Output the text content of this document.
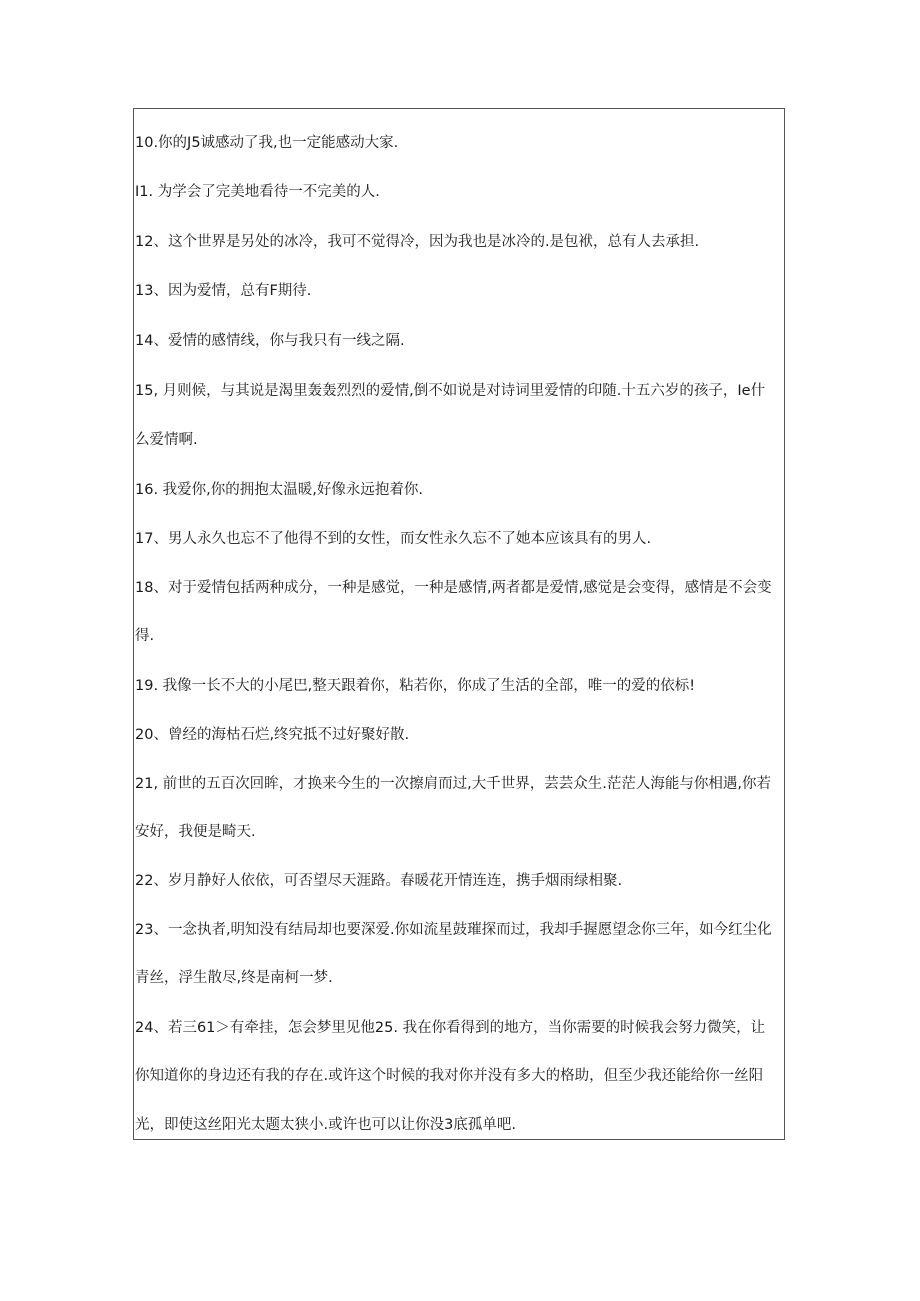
10.你的J5诚感动了我,也一定能感动大家.
I1. 为学会了完美地看待一不完美的人.
12、这个世界是另处的冰冷，我可不觉得冷，因为我也是冰冷的.是包袱，总有人去承担.
13、因为爱情，总有F期待.
14、爱情的感情线，你与我只有一线之隔.
15, 月则候，与其说是渴里轰轰烈烈的爱情,倒不如说是对诗词里爱情的印随.十五六岁的孩子，Ie什
么爱情啊.
16. 我爱你,你的拥抱太温暖,好像永远抱着你.
17、男人永久也忘不了他得不到的女性，而女性永久忘不了她本应该具有的男人.
18、对于爱情包括两种成分，一种是感觉，一种是感情,两者都是爱情,感觉是会变得，感情是不会变
得.
19. 我像一长不大的小尾巴,整天跟着你，粘若你，你成了生活的全部，唯一的爱的依标!
20、曾经的海枯石烂,终究抵不过好聚好散.
21, 前世的五百次回眸，才换来今生的一次擦肩而过,大千世界，芸芸众生.茫茫人海能与你相遇,你若
安好，我便是畸天.
22、岁月静好人依依，可否望尽天涯路。春暖花开情连连，携手烟雨绿相聚.
23、一念执者,明知没有结局却也要深爱.你如流星鼓璀探而过，我却手握愿望念你三年，如今红尘化
青丝，浮生散尽,终是南柯一梦.
24、若三61＞有牵挂，怎会梦里见他25. 我在你看得到的地方，当你需要的时候我会努力微笑，让
你知道你的身边还有我的存在.或许这个时候的我对你并没有多大的格助，但至少我还能给你一丝阳
光，即使这丝阳光太题太狭小.或许也可以让你没3底孤单吧.
